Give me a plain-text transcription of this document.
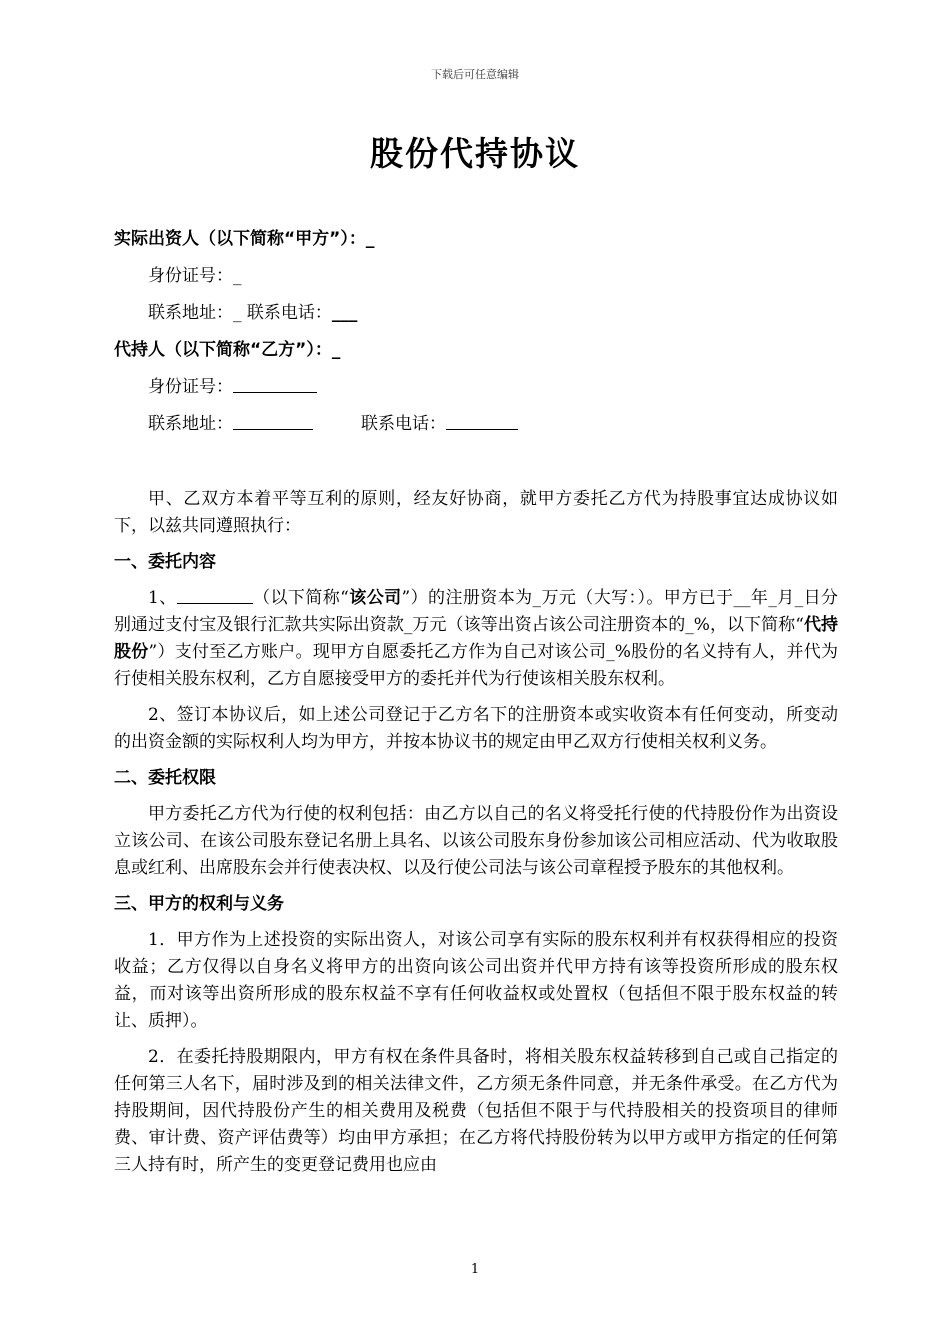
下载后可任意编辑
股份代持协议
实际出资人（以下简称“甲方”）：_
身份证号：_
联系地址：_ 联系电话：___
代持人（以下简称“乙方”）：_
身份证号：
联系地址：	联系电话：

甲、乙双方本着平等互利的原则，经友好协商，就甲方委托乙方代为持股事宜达成协议如下，以兹共同遵照执行：

一、委托内容

1、	（以下简称“该公司”）的注册资本为_万元（大写：）。甲方已于__年_月_日分别通过支付宝及银行汇款共实际出资款_万元（该等出资占该公司注册资本的_%，以下简称“代持股份”）支付至乙方账户。现甲方自愿委托乙方作为自己对该公司_%股份的名义持有人，并代为行使相关股东权利，乙方自愿接受甲方的委托并代为行使该相关股东权利。

2、签订本协议后，如上述公司登记于乙方名下的注册资本或实收资本有任何变动，所变动的出资金额的实际权利人均为甲方，并按本协议书的规定由甲乙双方行使相关权利义务。

二、委托权限

甲方委托乙方代为行使的权利包括：由乙方以自己的名义将受托行使的代持股份作为出资设立该公司、在该公司股东登记名册上具名、以该公司股东身份参加该公司相应活动、代为收取股息或红利、出席股东会并行使表决权、以及行使公司法与该公司章程授予股东的其他权利。

三、甲方的权利与义务

1．甲方作为上述投资的实际出资人，对该公司享有实际的股东权利并有权获得相应的投资收益；乙方仅得以自身名义将甲方的出资向该公司出资并代甲方持有该等投资所形成的股东权益，而对该等出资所形成的股东权益不享有任何收益权或处置权（包括但不限于股东权益的转让、质押）。

2．在委托持股期限内，甲方有权在条件具备时，将相关股东权益转移到自己或自己指定的任何第三人名下，届时涉及到的相关法律文件，乙方须无条件同意，并无条件承受。在乙方代为持股期间，因代持股份产生的相关费用及税费（包括但不限于与代持股相关的投资项目的律师费、审计费、资产评估费等）均由甲方承担；在乙方将代持股份转为以甲方或甲方指定的任何第三人持有时，所产生的变更登记费用也应由

1
